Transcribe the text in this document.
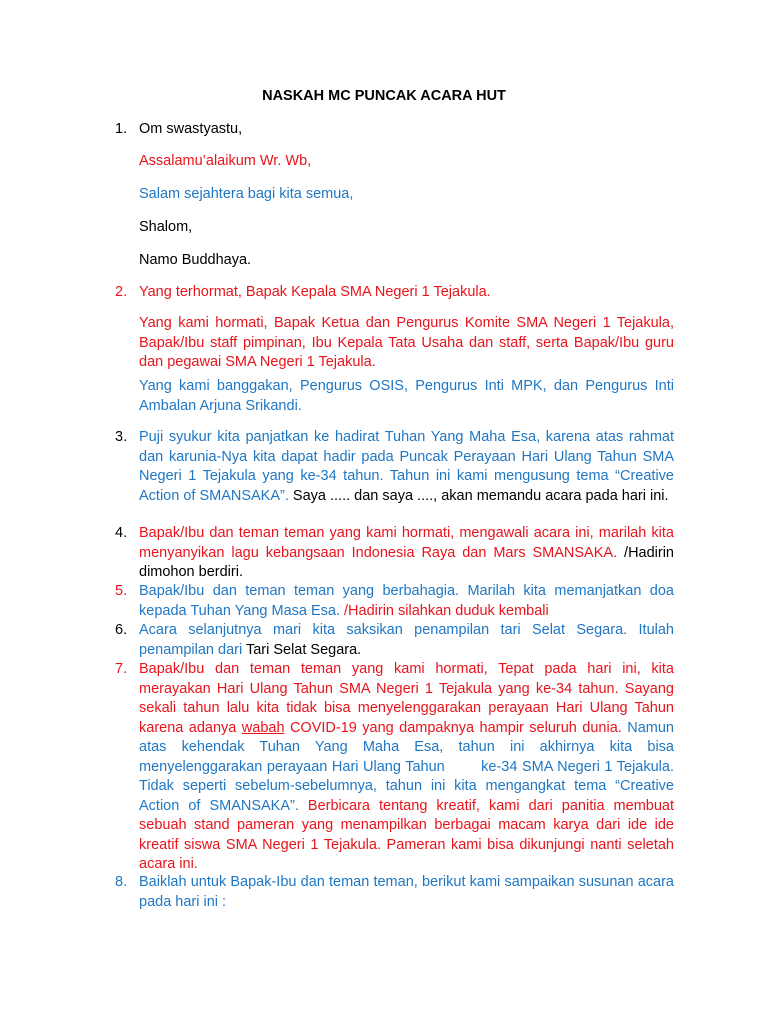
NASKAH MC PUNCAK ACARA HUT
1. Om swastyastu,
Assalamu’alaikum Wr. Wb,
Salam sejahtera bagi kita semua,
Shalom,
Namo Buddhaya.
2. Yang terhormat, Bapak Kepala SMA Negeri 1 Tejakula.
Yang kami hormati, Bapak Ketua dan Pengurus Komite SMA Negeri 1 Tejakula, Bapak/Ibu staff pimpinan, Ibu Kepala Tata Usaha dan staff, serta Bapak/Ibu guru dan pegawai SMA Negeri 1 Tejakula.
Yang kami banggakan, Pengurus OSIS, Pengurus Inti MPK, dan Pengurus Inti Ambalan Arjuna Srikandi.
3. Puji syukur kita panjatkan ke hadirat Tuhan Yang Maha Esa, karena atas rahmat dan karunia-Nya kita dapat hadir pada Puncak Perayaan Hari Ulang Tahun SMA Negeri 1 Tejakula yang ke-34 tahun. Tahun ini kami mengusung tema “Creative Action of SMANSAKA”. Saya ..... dan saya ...., akan memandu acara pada hari ini.
4. Bapak/Ibu dan teman teman yang kami hormati, mengawali acara ini, marilah kita menyanyikan lagu kebangsaan Indonesia Raya dan Mars SMANSAKA. /Hadirin dimohon berdiri.
5. Bapak/Ibu dan teman teman yang berbahagia. Marilah kita memanjatkan doa kepada Tuhan Yang Masa Esa. /Hadirin silahkan duduk kembali
6. Acara selanjutnya mari kita saksikan penampilan tari Selat Segara. Itulah penampilan dari Tari Selat Segara.
7. Bapak/Ibu dan teman teman yang kami hormati, Tepat pada hari ini, kita merayakan Hari Ulang Tahun SMA Negeri 1 Tejakula yang ke-34 tahun. Sayang sekali tahun lalu kita tidak bisa menyelenggarakan perayaan Hari Ulang Tahun karena adanya wabah COVID-19 yang dampaknya hampir seluruh dunia. Namun atas kehendak Tuhan Yang Maha Esa, tahun ini akhirnya kita bisa menyelenggarakan perayaan Hari Ulang Tahun        ke-34 SMA Negeri 1 Tejakula. Tidak seperti sebelum-sebelumnya, tahun ini kita mengangkat tema “Creative Action of SMANSAKA”. Berbicara tentang kreatif, kami dari panitia membuat sebuah stand pameran yang menampilkan berbagai macam karya dari ide ide kreatif siswa SMA Negeri 1 Tejakula. Pameran kami bisa dikunjungi nanti seletah acara ini.
8. Baiklah untuk Bapak-Ibu dan teman teman, berikut kami sampaikan susunan acara pada hari ini :
